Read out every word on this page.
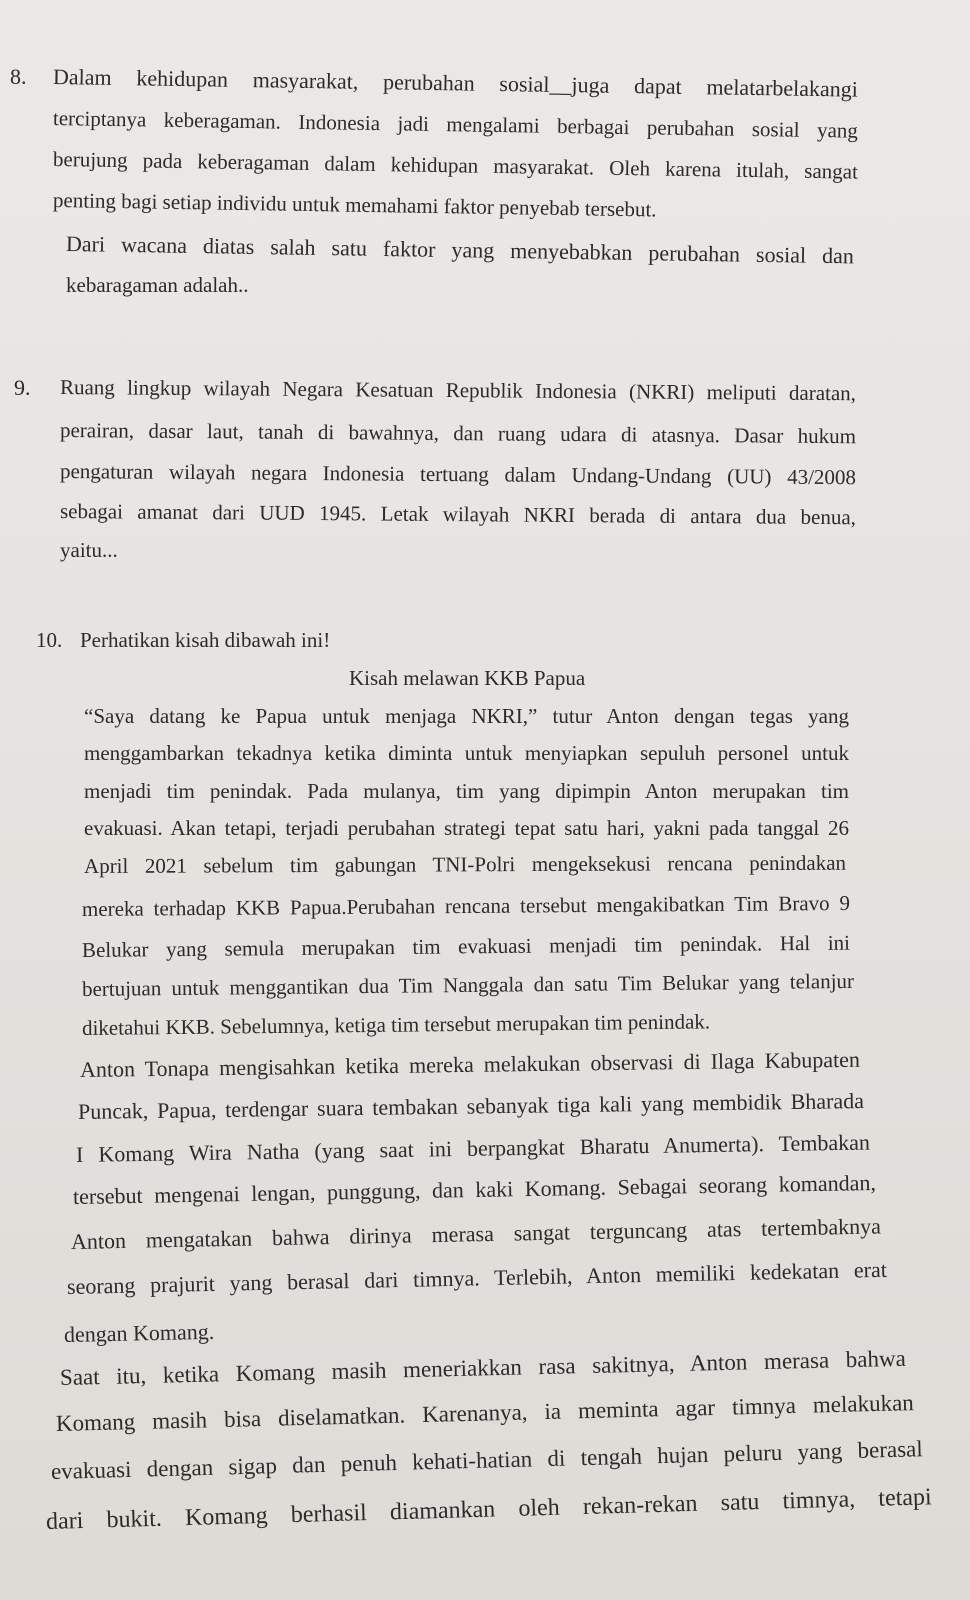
8. Dalam kehidupan masyarakat, perubahan sosial__juga dapat melatarbelakangi
terciptanya keberagaman. Indonesia jadi mengalami berbagai perubahan sosial yang
berujung pada keberagaman dalam kehidupan masyarakat. Oleh karena itulah, sangat
penting bagi setiap individu untuk memahami faktor penyebab tersebut.
Dari wacana diatas salah satu faktor yang menyebabkan perubahan sosial dan
kebaragaman adalah..
9. Ruang lingkup wilayah Negara Kesatuan Republik Indonesia (NKRI) meliputi daratan,
perairan, dasar laut, tanah di bawahnya, dan ruang udara di atasnya. Dasar hukum
pengaturan wilayah negara Indonesia tertuang dalam Undang-Undang (UU) 43/2008
sebagai amanat dari UUD 1945. Letak wilayah NKRI berada di antara dua benua,
yaitu...
10. Perhatikan kisah dibawah ini!
Kisah melawan KKB Papua
“Saya datang ke Papua untuk menjaga NKRI,” tutur Anton dengan tegas yang
menggambarkan tekadnya ketika diminta untuk menyiapkan sepuluh personel untuk
menjadi tim penindak. Pada mulanya, tim yang dipimpin Anton merupakan tim
evakuasi. Akan tetapi, terjadi perubahan strategi tepat satu hari, yakni pada tanggal 26
April 2021 sebelum tim gabungan TNI-Polri mengeksekusi rencana penindakan
mereka terhadap KKB Papua.Perubahan rencana tersebut mengakibatkan Tim Bravo 9
Belukar yang semula merupakan tim evakuasi menjadi tim penindak. Hal ini
bertujuan untuk menggantikan dua Tim Nanggala dan satu Tim Belukar yang telanjur
diketahui KKB. Sebelumnya, ketiga tim tersebut merupakan tim penindak.
Anton Tonapa mengisahkan ketika mereka melakukan observasi di Ilaga Kabupaten
Puncak, Papua, terdengar suara tembakan sebanyak tiga kali yang membidik Bharada
I Komang Wira Natha (yang saat ini berpangkat Bharatu Anumerta). Tembakan
tersebut mengenai lengan, punggung, dan kaki Komang. Sebagai seorang komandan,
Anton mengatakan bahwa dirinya merasa sangat terguncang atas tertembaknya
seorang prajurit yang berasal dari timnya. Terlebih, Anton memiliki kedekatan erat
dengan Komang.
Saat itu, ketika Komang masih meneriakkan rasa sakitnya, Anton merasa bahwa
Komang masih bisa diselamatkan. Karenanya, ia meminta agar timnya melakukan
evakuasi dengan sigap dan penuh kehati-hatian di tengah hujan peluru yang berasal
dari bukit. Komang berhasil diamankan oleh rekan-rekan satu timnya, tetapi
